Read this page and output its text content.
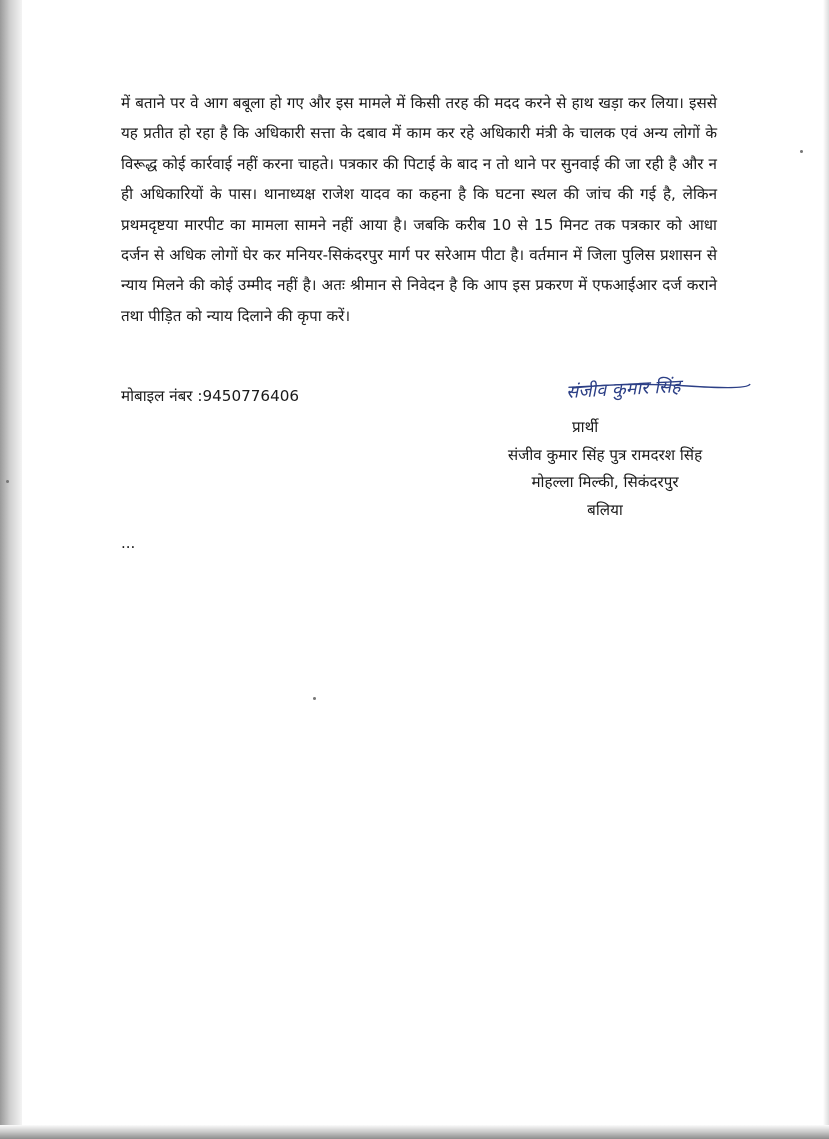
में बताने पर वे आग बबूला हो गए और इस मामले में किसी तरह की मदद करने से हाथ खड़ा कर लिया। इससे यह प्रतीत हो रहा है कि अधिकारी सत्ता के दबाव में काम कर रहे अधिकारी मंत्री के चालक एवं अन्य लोगों के विरूद्ध कोई कार्रवाई नहीं करना चाहते। पत्रकार की पिटाई के बाद न तो थाने पर सुनवाई की जा रही है और न ही अधिकारियों के पास। थानाध्यक्ष राजेश यादव का कहना है कि घटना स्थल की जांच की गई है, लेकिन प्रथमदृष्टया मारपीट का मामला सामने नहीं आया है। जबकि करीब 10 से 15 मिनट तक पत्रकार को आधा दर्जन से अधिक लोगों घेर कर मनियर-सिकंदरपुर मार्ग पर सरेआम पीटा है। वर्तमान में जिला पुलिस प्रशासन से न्याय मिलने की कोई उम्मीद नहीं है। अतः श्रीमान से निवेदन है कि आप इस प्रकरण में एफआईआर दर्ज कराने तथा पीड़ित को न्याय दिलाने की कृपा करें।

मोबाइल नंबर :9450776406	संजीव कुमार सिंह
प्रार्थी
संजीव कुमार सिंह पुत्र रामदरश सिंह
मोहल्ला मिल्की, सिकंदरपुर
बलिया
...
